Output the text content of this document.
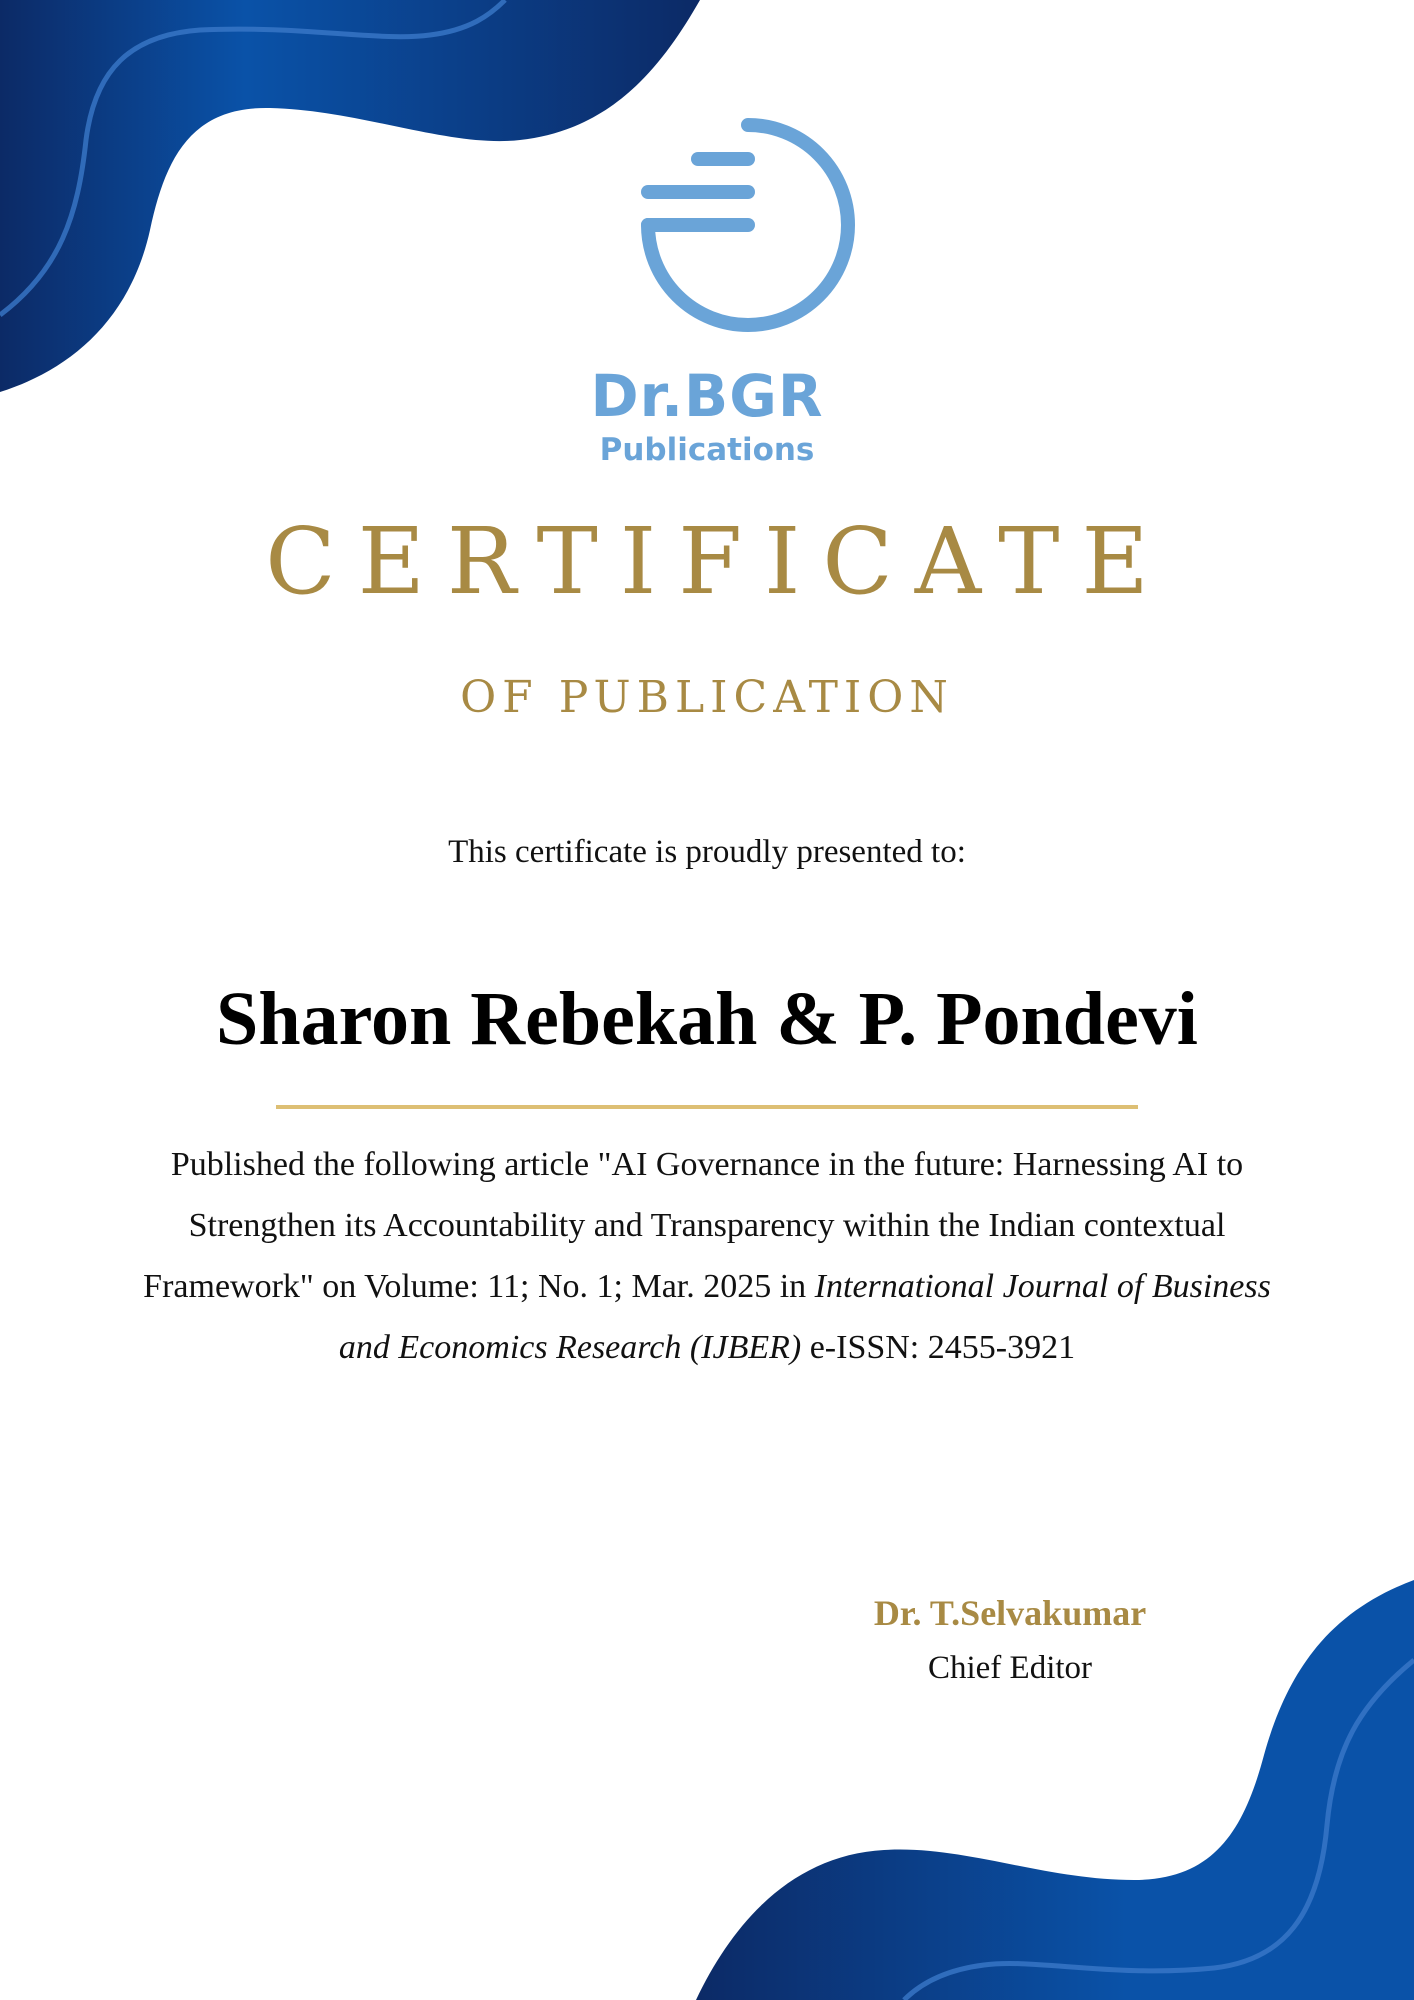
Dr.BGR
Publications
CERTIFICATE
OF PUBLICATION
This certificate is proudly presented to:
Sharon Rebekah & P. Pondevi
Published the following article "AI Governance in the future: Harnessing AI to Strengthen its Accountability and Transparency within the Indian contextual Framework" on Volume: 11; No. 1; Mar. 2025 in International Journal of Business and Economics Research (IJBER) e-ISSN: 2455-3921
Dr. T.Selvakumar
Chief Editor
